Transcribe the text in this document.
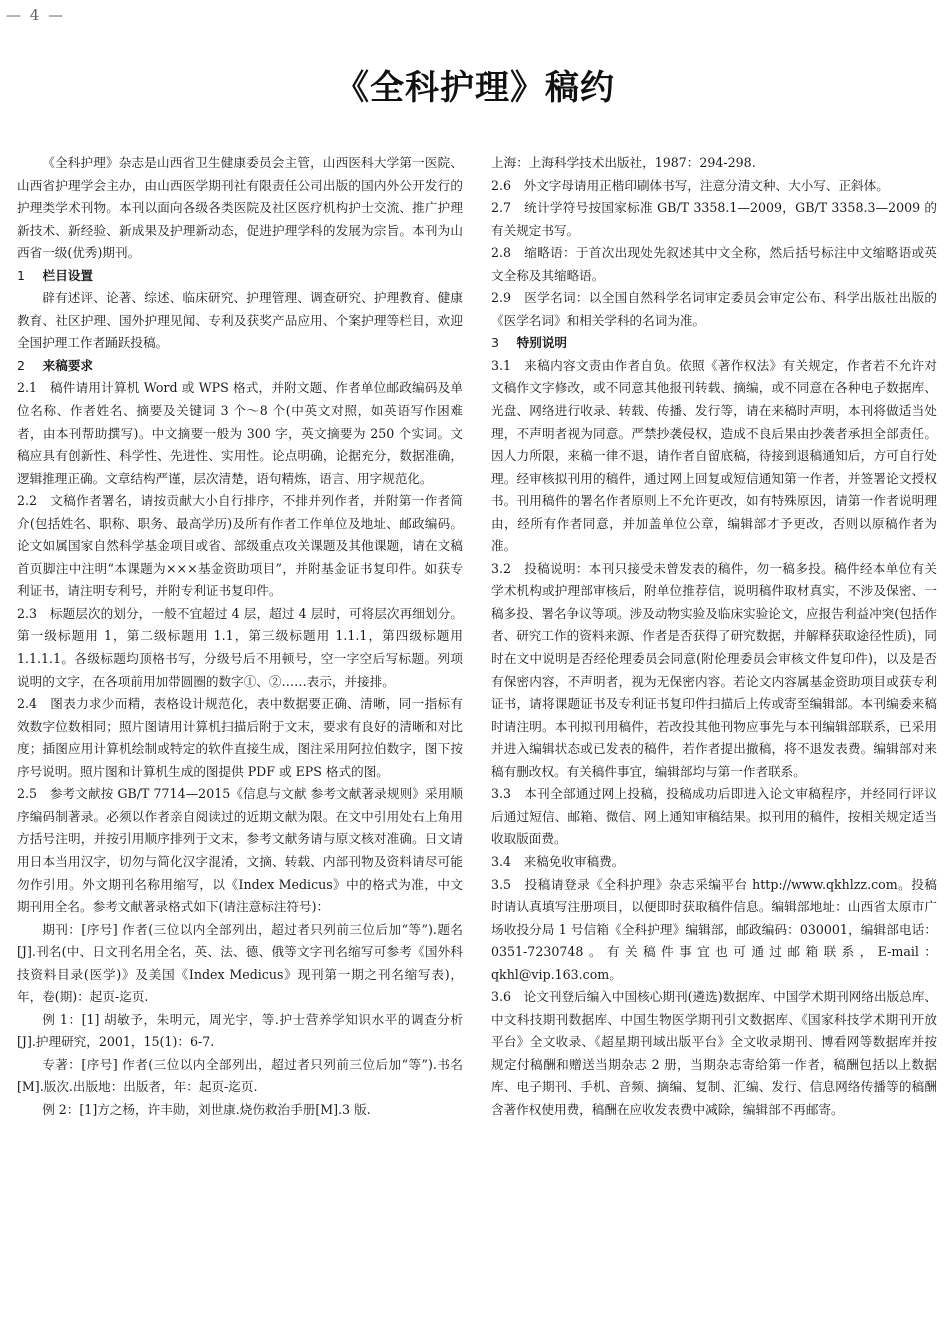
— 4 —
《全科护理》稿约

《全科护理》杂志是山西省卫生健康委员会主管，山西医科大学第一医院、山西省护理学会主办，由山西医学期刊社有限责任公司出版的国内外公开发行的护理类学术刊物。本刊以面向各级各类医院及社区医疗机构护士交流、推广护理新技术、新经验、新成果及护理新动态，促进护理学科的发展为宗旨。本刊为山西省一级(优秀)期刊。

1 栏目设置

辟有述评、论著、综述、临床研究、护理管理、调查研究、护理教育、健康教育、社区护理、国外护理见闻、专利及获奖产品应用、个案护理等栏目，欢迎全国护理工作者踊跃投稿。

2 来稿要求

2.1　稿件请用计算机 Word 或 WPS 格式，并附文题、作者单位邮政编码及单位名称、作者姓名、摘要及关键词 3 个～8 个(中英文对照，如英语写作困难者，由本刊帮助撰写)。中文摘要一般为 300 字，英文摘要为 250 个实词。文稿应具有创新性、科学性、先进性、实用性。论点明确，论据充分，数据准确，逻辑推理正确。文章结构严谨，层次清楚，语句精炼，语言、用字规范化。

2.2　文稿作者署名，请按贡献大小自行排序，不排并列作者，并附第一作者简介(包括姓名、职称、职务、最高学历)及所有作者工作单位及地址、邮政编码。论文如属国家自然科学基金项目或省、部级重点攻关课题及其他课题，请在文稿首页脚注中注明“本课题为×××基金资助项目”，并附基金证书复印件。如获专利证书，请注明专利号，并附专利证书复印件。

2.3　标题层次的划分，一般不宜超过 4 层，超过 4 层时，可将层次再细划分。第一级标题用 1，第二级标题用 1.1，第三级标题用 1.1.1，第四级标题用 1.1.1.1。各级标题均顶格书写，分级号后不用顿号，空一字空后写标题。列项说明的文字，在各项前用加带圆圈的数字①、②……表示，并接排。

2.4　图表力求少而精，表格设计规范化，表中数据要正确、清晰，同一指标有效数字位数相同；照片图请用计算机扫描后附于文末，要求有良好的清晰和对比度；插图应用计算机绘制或特定的软件直接生成，图注采用阿拉伯数字，图下按序号说明。照片图和计算机生成的图提供 PDF 或 EPS 格式的图。

2.5　参考文献按 GB/T 7714—2015《信息与文献 参考文献著录规则》采用顺序编码制著录。必须以作者亲自阅读过的近期文献为限。在文中引用处右上角用方括号注明，并按引用顺序排列于文末，参考文献务请与原文核对准确。日文请用日本当用汉字，切勿与简化汉字混淆，文摘、转载、内部刊物及资料请尽可能勿作引用。外文期刊名称用缩写，以《Index Medicus》中的格式为准，中文期刊用全名。参考文献著录格式如下(请注意标注符号)：

期刊：[序号] 作者(三位以内全部列出，超过者只列前三位后加“等”).题名[J].刊名(中、日文刊名用全名，英、法、德、俄等文字刊名缩写可参考《国外科技资料目录(医学)》及美国《Index Medicus》现刊第一期之刊名缩写表)，年，卷(期)：起页-迄页.

例 1：[1] 胡敏予，朱明元，周光宇，等.护士营养学知识水平的调查分析[J].护理研究，2001，15(1)：6-7.

专著：[序号] 作者(三位以内全部列出，超过者只列前三位后加“等”).书名[M].版次.出版地：出版者，年：起页-迄页.

例 2：[1]方之杨，许丰勋，刘世康.烧伤救治手册[M].3 版.

上海：上海科学技术出版社，1987：294-298.

2.6　外文字母请用正楷印刷体书写，注意分清文种、大小写、正斜体。

2.7　统计学符号按国家标准 GB/T 3358.1—2009，GB/T 3358.3—2009 的有关规定书写。

2.8　缩略语：于首次出现处先叙述其中文全称，然后括号标注中文缩略语或英文全称及其缩略语。

2.9　医学名词：以全国自然科学名词审定委员会审定公布、科学出版社出版的《医学名词》和相关学科的名词为准。

3 特别说明

3.1　来稿内容文责由作者自负。依照《著作权法》有关规定，作者若不允许对文稿作文字修改，或不同意其他报刊转载、摘编，或不同意在各种电子数据库、光盘、网络进行收录、转载、传播、发行等，请在来稿时声明，本刊将做适当处理，不声明者视为同意。严禁抄袭侵权，造成不良后果由抄袭者承担全部责任。因人力所限，来稿一律不退，请作者自留底稿，待接到退稿通知后，方可自行处理。经审核拟刊用的稿件，通过网上回复或短信通知第一作者，并签署论文授权书。刊用稿件的署名作者原则上不允许更改，如有特殊原因，请第一作者说明理由，经所有作者同意，并加盖单位公章，编辑部才予更改，否则以原稿作者为准。

3.2　投稿说明：本刊只接受未曾发表的稿件，勿一稿多投。稿件经本单位有关学术机构或护理部审核后，附单位推荐信，说明稿件取材真实，不涉及保密、一稿多投、署名争议等项。涉及动物实验及临床实验论文，应报告利益冲突(包括作者、研究工作的资料来源、作者是否获得了研究数据，并解释获取途径性质)，同时在文中说明是否经伦理委员会同意(附伦理委员会审核文件复印件)，以及是否有保密内容，不声明者，视为无保密内容。若论文内容属基金资助项目或获专利证书，请将课题证书及专利证书复印件扫描后上传或寄至编辑部。本刊编委来稿时请注明。本刊拟刊用稿件，若改投其他刊物应事先与本刊编辑部联系，已采用并进入编辑状态或已发表的稿件，若作者提出撤稿，将不退发表费。编辑部对来稿有删改权。有关稿件事宜，编辑部均与第一作者联系。

3.3　本刊全部通过网上投稿，投稿成功后即进入论文审稿程序，并经同行评议后通过短信、邮箱、微信、网上通知审稿结果。拟刊用的稿件，按相关规定适当收取版面费。

3.4　来稿免收审稿费。

3.5　投稿请登录《全科护理》杂志采编平台 http://www.qkhlzz.com。投稿时请认真填写注册项目，以便即时获取稿件信息。编辑部地址：山西省太原市广场收投分局 1 号信箱《全科护理》编辑部，邮政编码：030001，编辑部电话：0351-7230748。有关稿件事宜也可通过邮箱联系，E-mail：qkhl@vip.163.com。

3.6　论文刊登后编入中国核心期刊(遴选)数据库、中国学术期刊网络出版总库、中文科技期刊数据库、中国生物医学期刊引文数据库、《国家科技学术期刊开放平台》全文收录、《超星期刊域出版平台》全文收录期刊、博看网等数据库并按规定付稿酬和赠送当期杂志 2 册，当期杂志寄给第一作者，稿酬包括以上数据库、电子期刊、手机、音频、摘编、复制、汇编、发行、信息网络传播等的稿酬含著作权使用费，稿酬在应收发表费中减除，编辑部不再邮寄。
